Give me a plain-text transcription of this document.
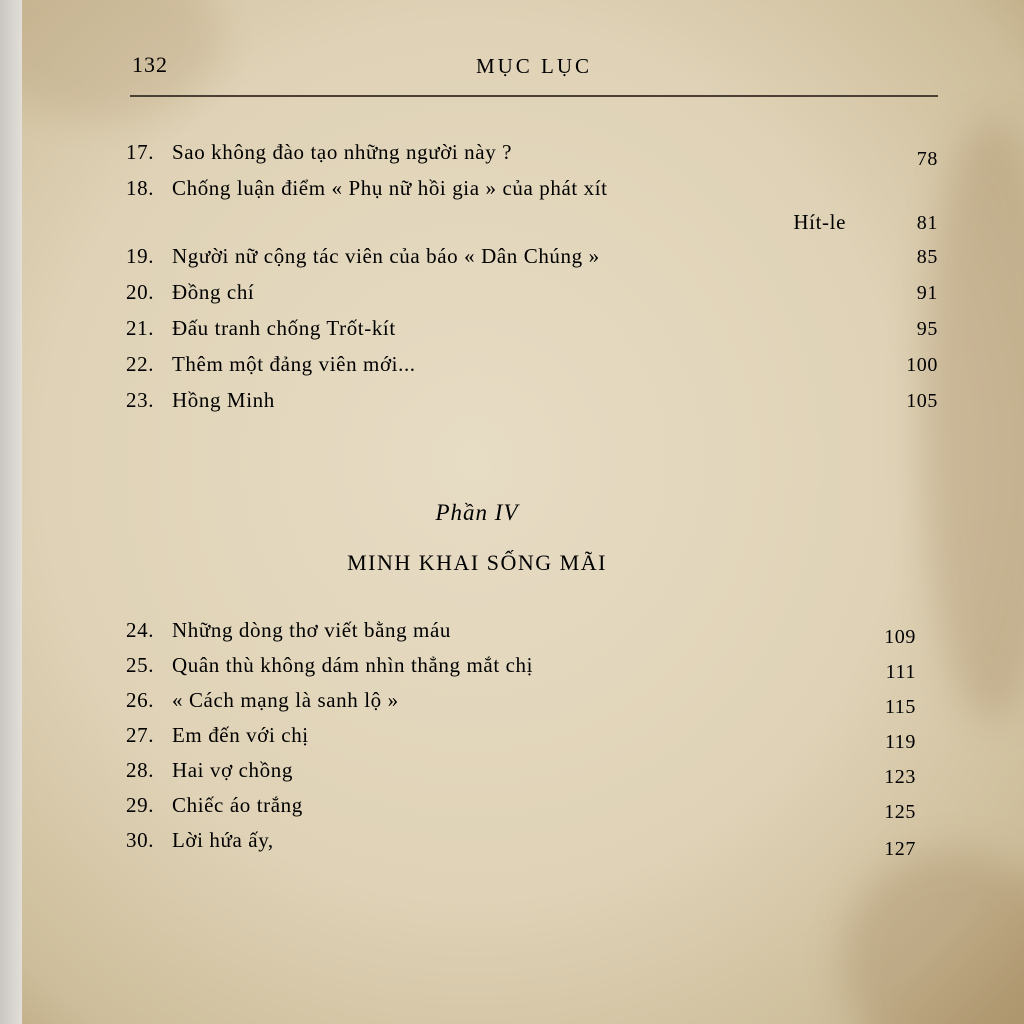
132	MỤC LỤC
17. Sao không đào tạo những người này ?	78
18. Chống luận điểm « Phụ nữ hồi gia » của phát xít
Hít-le	81
19. Người nữ cộng tác viên của báo « Dân Chúng »	85
20. Đồng chí	91
21. Đấu tranh chống Trốt-kít	95
22. Thêm một đảng viên mới...	100
23. Hồng Minh	105
Phần IV
MINH KHAI SỐNG MÃI
24. Những dòng thơ viết bằng máu	109
25. Quân thù không dám nhìn thẳng mắt chị	111
26. « Cách mạng là sanh lộ »	115
27. Em đến với chị	119
28. Hai vợ chồng	123
29. Chiếc áo trắng	125
30. Lời hứa ấy,	127
